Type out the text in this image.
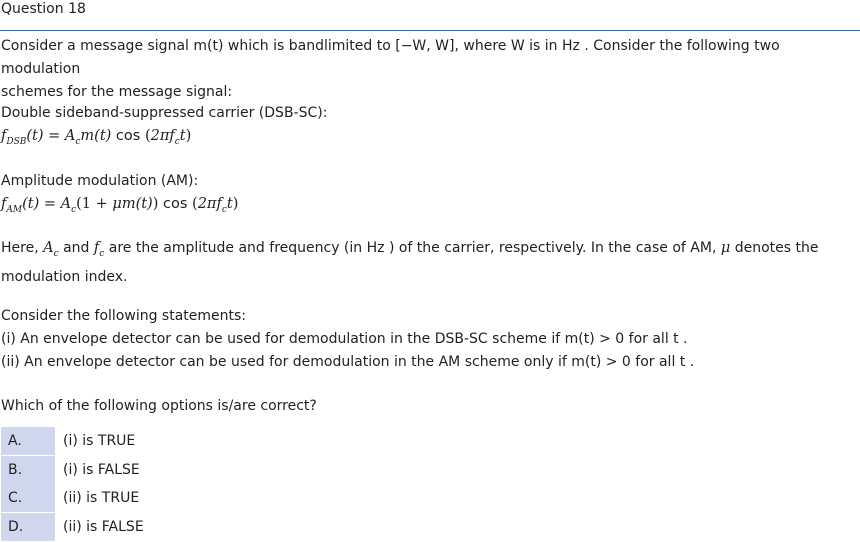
Question 18
Consider a message signal m(t) which is bandlimited to [−W, W], where W is in Hz . Consider the following two modulation
schemes for the message signal:
Double sideband-suppressed carrier (DSB-SC):
$f_{DSB}(t) = A_cm(t)$ $\cos (2\pi f_ct)$
Amplitude modulation (AM):
$f_{AM}(t) = A_c(1 + \mu m(t))$ $\cos (2\pi f_ct)$
Here, $A_c$ and $f_c$ are the amplitude and frequency (in Hz ) of the carrier, respectively. In the case of AM, μ denotes the
modulation index.
Consider the following statements:
(i) An envelope detector can be used for demodulation in the DSB-SC scheme if m(t) > 0 for all t .
(ii) An envelope detector can be used for demodulation in the AM scheme only if m(t) > 0 for all t .
Which of the following options is/are correct?
A.	(i) is TRUE
B.	(i) is FALSE
C.	(ii) is TRUE
D.	(ii) is FALSE
